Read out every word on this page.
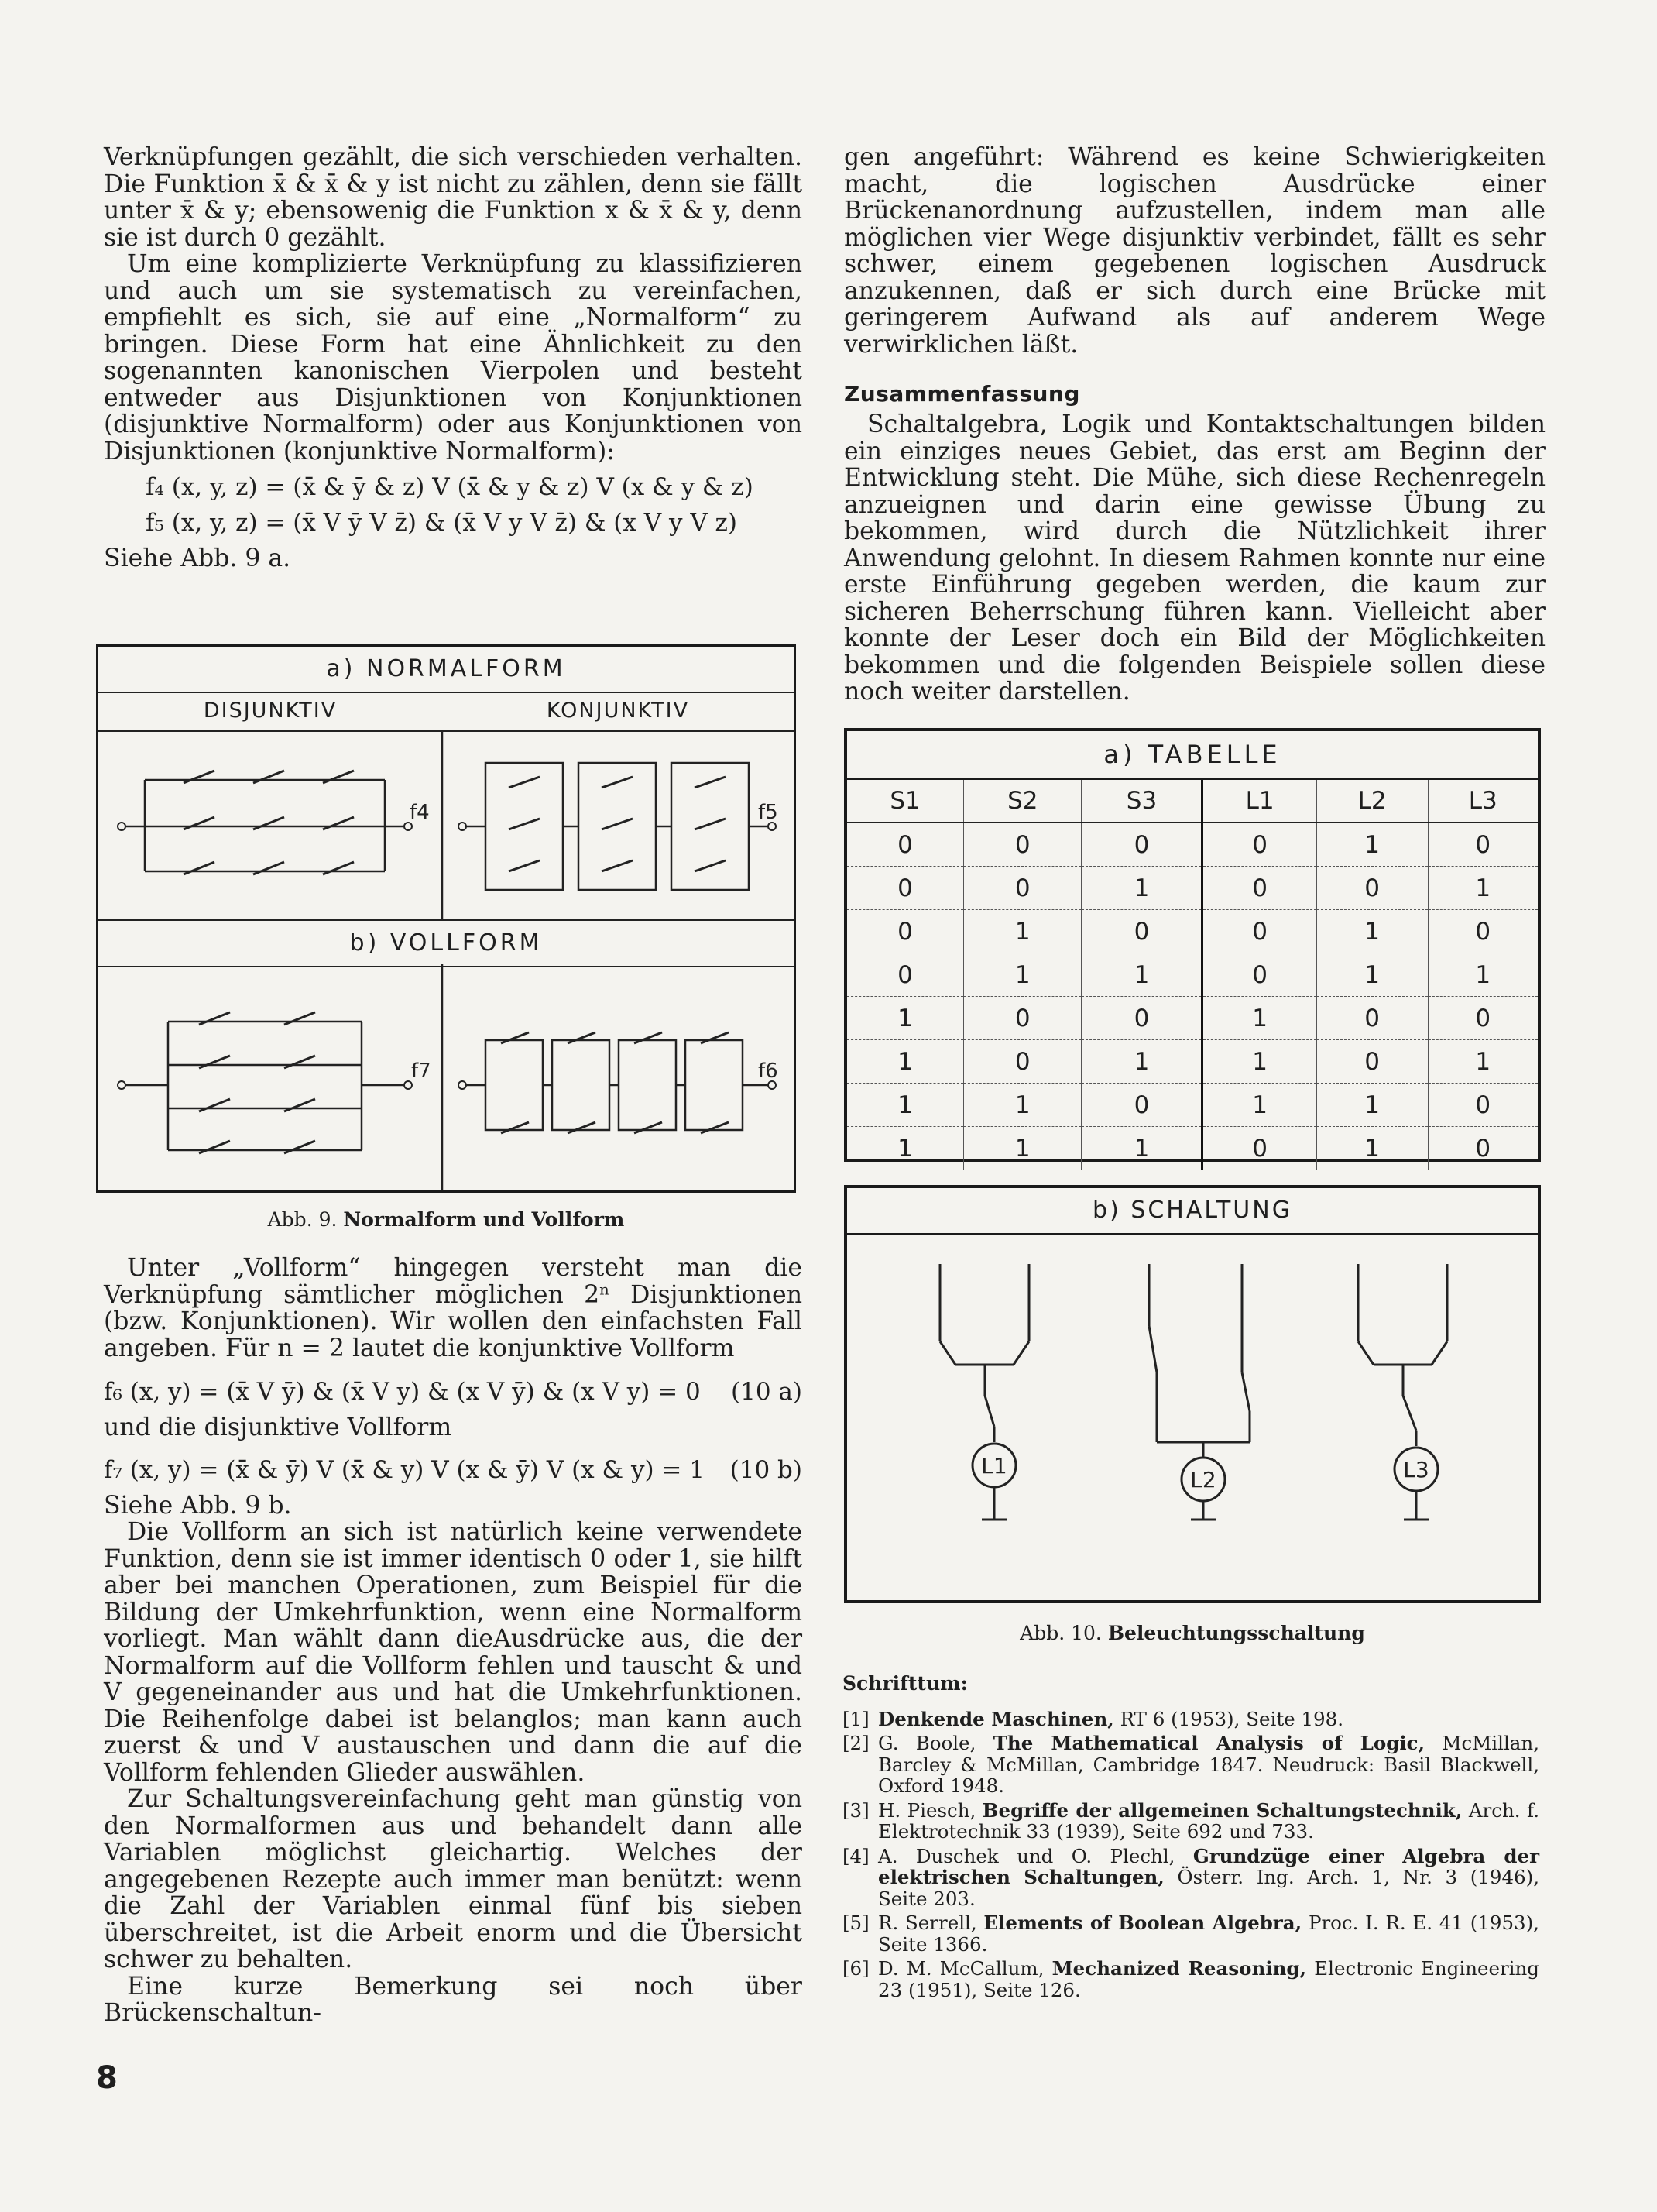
Verknüpfungen gezählt, die sich verschieden verhalten. Die Funktion x̄ & x̄ & y ist nicht zu zählen, denn sie fällt unter x̄ & y; ebensowenig die Funktion x & x̄ & y, denn sie ist durch 0 gezählt.

Um eine komplizierte Verknüpfung zu klassifizieren und auch um sie systematisch zu vereinfachen, empfiehlt es sich, sie auf eine „Normalform“ zu bringen. Diese Form hat eine Ähnlichkeit zu den sogenannten kanonischen Vierpolen und besteht entweder aus Disjunktionen von Konjunktionen (disjunktive Normalform) oder aus Konjunktionen von Disjunktionen (konjunktive Normalform):

f₄ (x, y, z) = (x̄ & ȳ & z) V (x̄ & y & z) V (x & y & z)
f₅ (x, y, z) = (x̄ V ȳ V z̄) & (x̄ V y V z̄) & (x V y V z)

Siehe Abb. 9 a.

a) NORMALFORM
DISJUNKTIV	KONJUNKTIV
b) VOLLFORM
f4	f5
f7	f6
Abb. 9. Normalform und Vollform

Unter „Vollform“ hingegen versteht man die Verknüpfung sämtlicher möglichen 2ⁿ Disjunktionen (bzw. Konjunktionen). Wir wollen den einfachsten Fall angeben. Für n = 2 lautet die konjunktive Vollform

f₆ (x, y) = (x̄ V ȳ) & (x̄ V y) & (x V ȳ) & (x V y) = 0 (10 a)

und die disjunktive Vollform

f₇ (x, y) = (x̄ & ȳ) V (x̄ & y) V (x & ȳ) V (x & y) = 1 (10 b)

Siehe Abb. 9 b.

Die Vollform an sich ist natürlich keine verwendete Funktion, denn sie ist immer identisch 0 oder 1, sie hilft aber bei manchen Operationen, zum Beispiel für die Bildung der Umkehrfunktion, wenn eine Normalform vorliegt. Man wählt dann dieAusdrücke aus, die der Normalform auf die Vollform fehlen und tauscht & und V gegeneinander aus und hat die Umkehrfunktionen. Die Reihenfolge dabei ist belanglos; man kann auch zuerst & und V austauschen und dann die auf die Vollform fehlenden Glieder auswählen.

Zur Schaltungsvereinfachung geht man günstig von den Normalformen aus und behandelt dann alle Variablen möglichst gleichartig. Welches der angegebenen Rezepte auch immer man benützt: wenn die Zahl der Variablen einmal fünf bis sieben überschreitet, ist die Arbeit enorm und die Übersicht schwer zu behalten.

Eine kurze Bemerkung sei noch über Brückenschaltun-

gen angeführt: Während es keine Schwierigkeiten macht, die logischen Ausdrücke einer Brückenanordnung aufzustellen, indem man alle möglichen vier Wege disjunktiv verbindet, fällt es sehr schwer, einem gegebenen logischen Ausdruck anzukennen, daß er sich durch eine Brücke mit geringerem Aufwand als auf anderem Wege verwirklichen läßt.

Zusammenfassung

Schaltalgebra, Logik und Kontaktschaltungen bilden ein einziges neues Gebiet, das erst am Beginn der Entwicklung steht. Die Mühe, sich diese Rechenregeln anzueignen und darin eine gewisse Übung zu bekommen, wird durch die Nützlichkeit ihrer Anwendung gelohnt. In diesem Rahmen konnte nur eine erste Einführung gegeben werden, die kaum zur sicheren Beherrschung führen kann. Vielleicht aber konnte der Leser doch ein Bild der Möglichkeiten bekommen und die folgenden Beispiele sollen diese noch weiter darstellen.

a) TABELLE
S1	S2	S3	L1	L2	L3
0	0	0	0	1	0
0	0	1	0	0	1
0	1	0	0	1	0
0	1	1	0	1	1
1	0	0	1	0	0
1	0	1	1	0	1
1	1	0	1	1	0
1	1	1	0	1	0
b) SCHALTUNG
L1
L2	L3
Abb. 10. Beleuchtungsschaltung
Schrifttum:
[1] Denkende Maschinen, RT 6 (1953), Seite 198.
[2] G. Boole, The Mathematical Analysis of Logic, McMillan, Barcley & McMillan, Cambridge 1847. Neudruck: Basil Blackwell, Oxford 1948.
[3] H. Piesch, Begriffe der allgemeinen Schaltungstechnik, Arch. f. Elektrotechnik 33 (1939), Seite 692 und 733.
[4] A. Duschek und O. Plechl, Grundzüge einer Algebra der elektrischen Schaltungen, Österr. Ing. Arch. 1, Nr. 3 (1946), Seite 203.
[5] R. Serrell, Elements of Boolean Algebra, Proc. I. R. E. 41 (1953), Seite 1366.
[6] D. M. McCallum, Mechanized Reasoning, Electronic Engineering 23 (1951), Seite 126.
8
